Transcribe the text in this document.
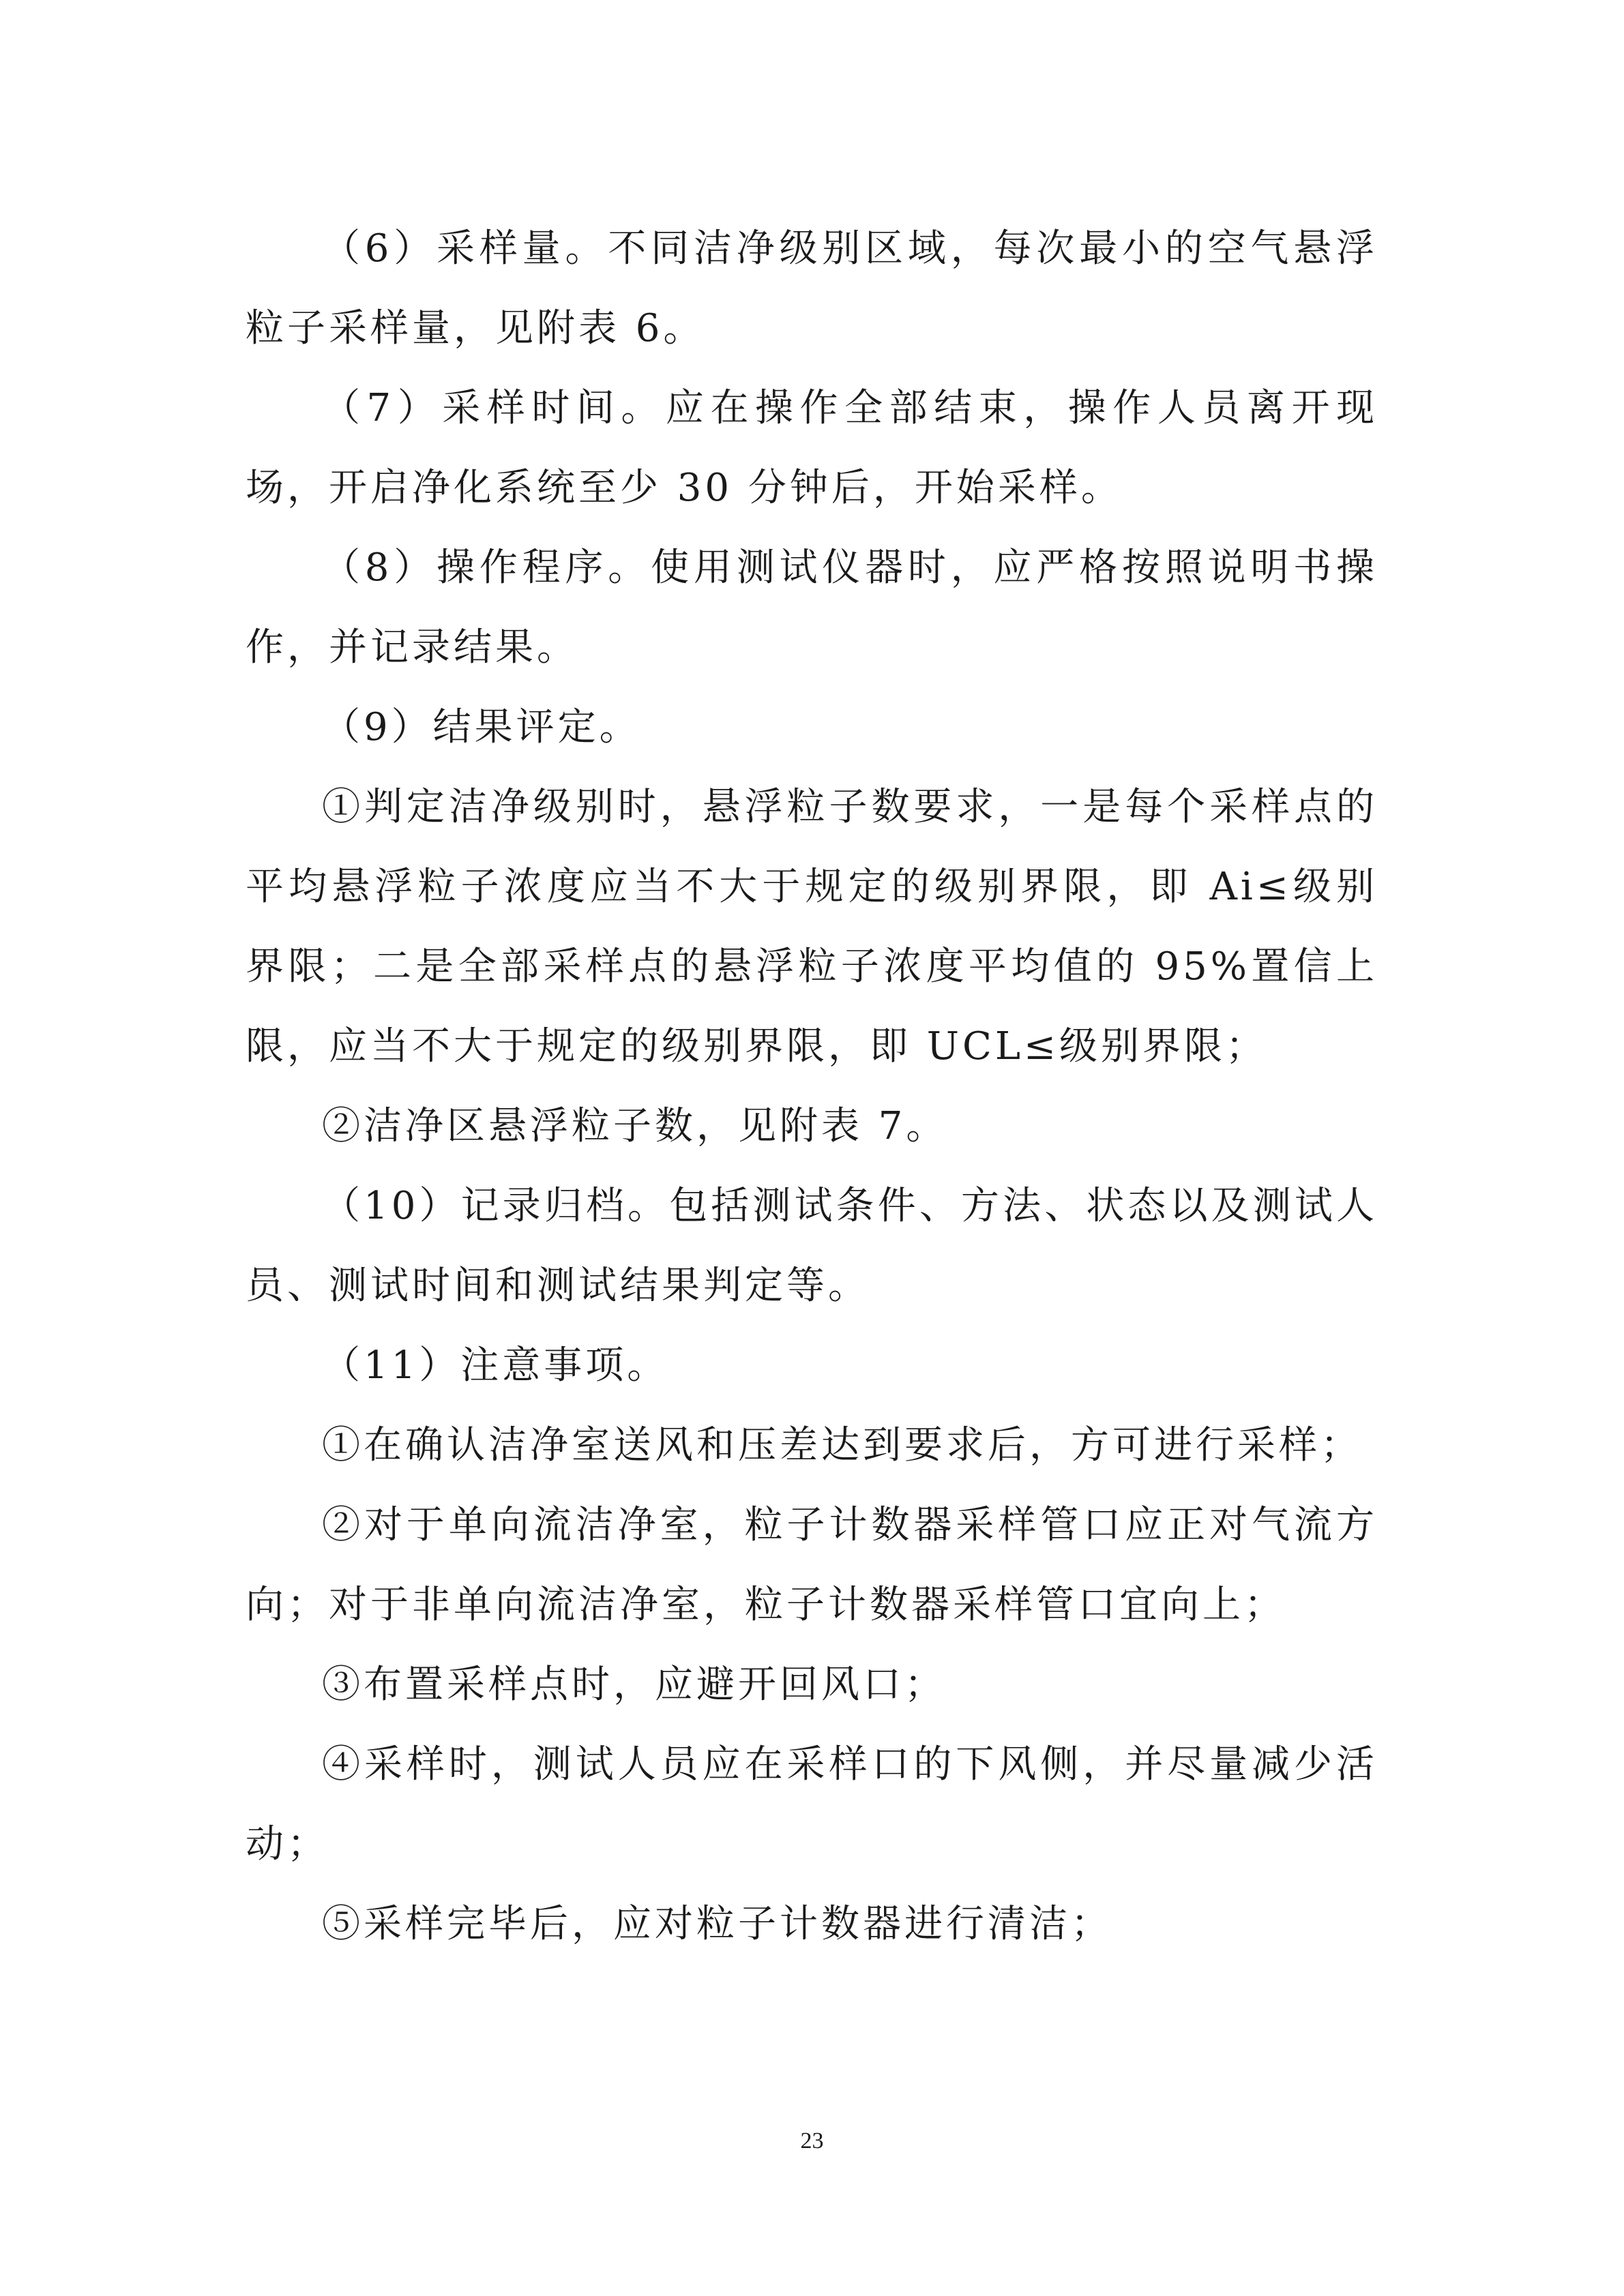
（6）采样量。不同洁净级别区域，每次最小的空气悬浮粒子采样量，见附表 6。

（7）采样时间。应在操作全部结束，操作人员离开现场，开启净化系统至少 30 分钟后，开始采样。

（8）操作程序。使用测试仪器时，应严格按照说明书操作，并记录结果。

（9）结果评定。

①判定洁净级别时，悬浮粒子数要求，一是每个采样点的平均悬浮粒子浓度应当不大于规定的级别界限，即 Ai≤级别界限；二是全部采样点的悬浮粒子浓度平均值的 95%置信上限，应当不大于规定的级别界限，即 UCL≤级别界限；

②洁净区悬浮粒子数，见附表 7。

（10）记录归档。包括测试条件、方法、状态以及测试人员、测试时间和测试结果判定等。

（11）注意事项。

①在确认洁净室送风和压差达到要求后，方可进行采样；

②对于单向流洁净室，粒子计数器采样管口应正对气流方向；对于非单向流洁净室，粒子计数器采样管口宜向上；

③布置采样点时，应避开回风口；

④采样时，测试人员应在采样口的下风侧，并尽量减少活动；

⑤采样完毕后，应对粒子计数器进行清洁；

23
